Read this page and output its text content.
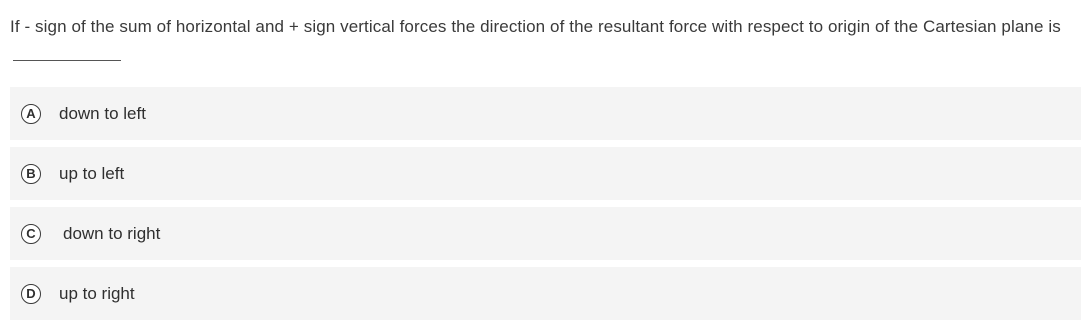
If - sign of the sum of horizontal and + sign vertical forces the direction of the resultant force with respect to origin of the Cartesian plane is
A	down to left
B	up to left
C	down to right
D	up to right
